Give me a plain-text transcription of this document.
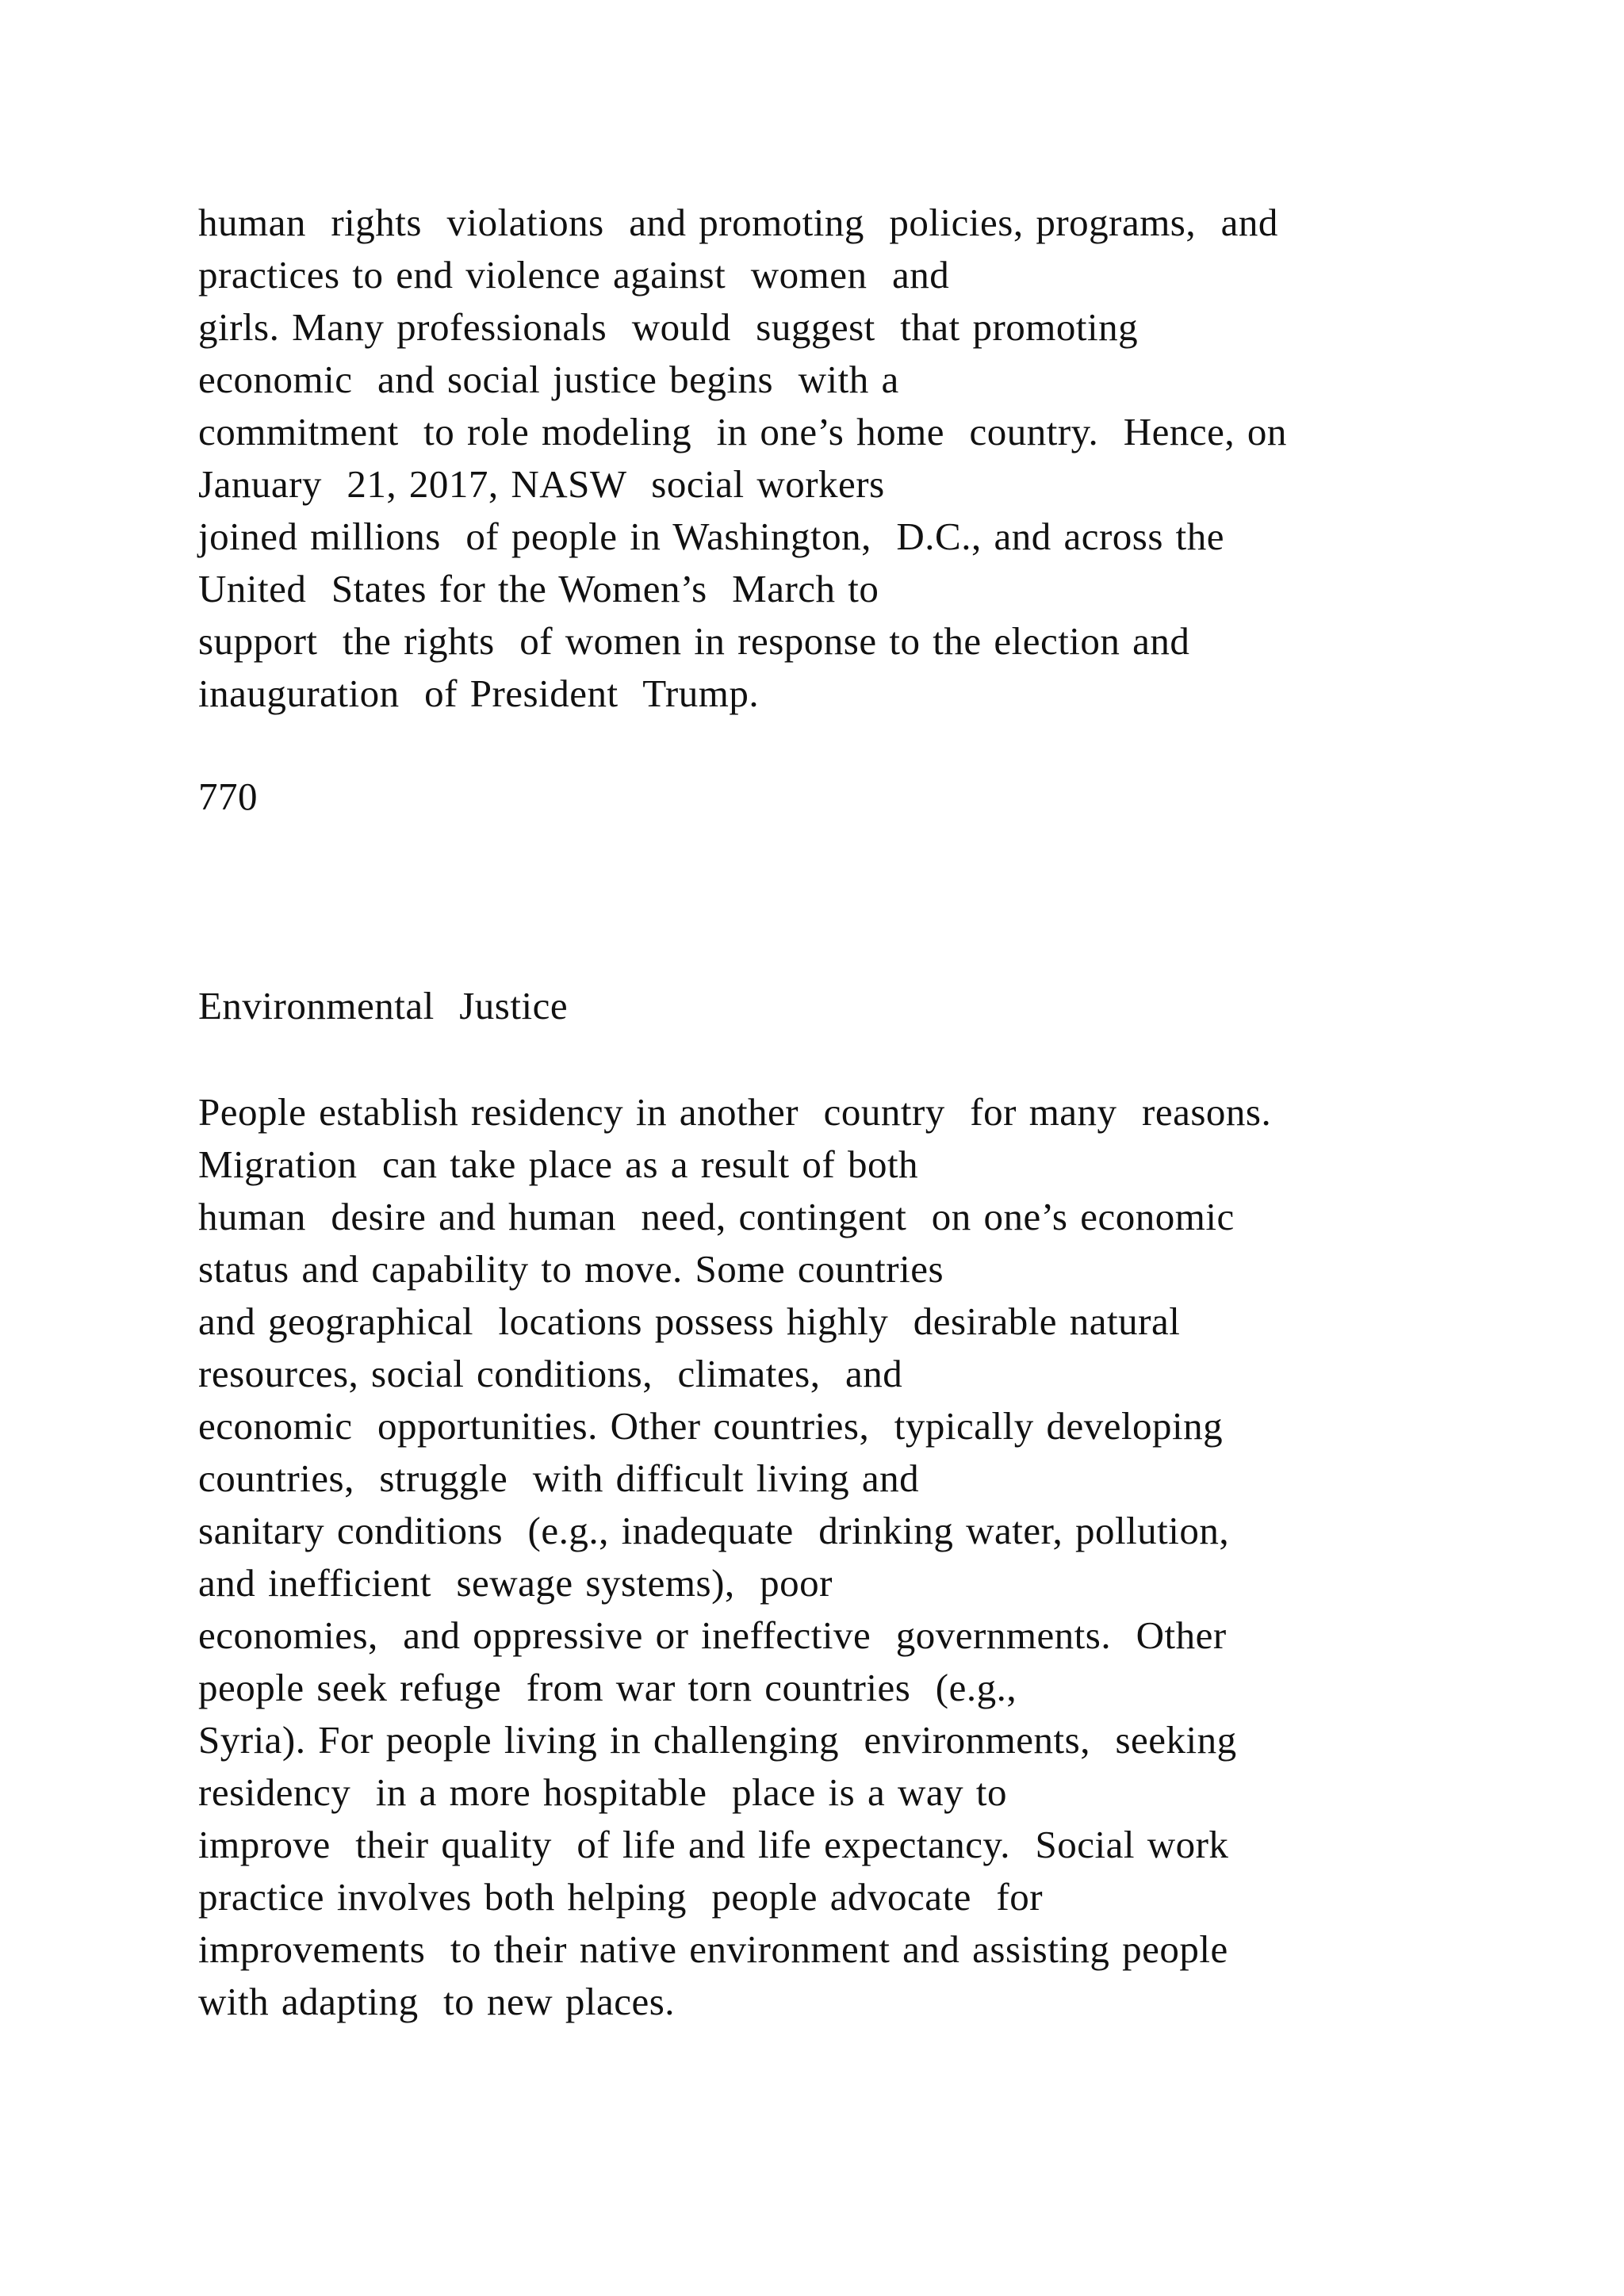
human  rights  violations  and promoting  policies, programs,  and
practices to end violence against  women  and
girls. Many professionals  would  suggest  that promoting
economic  and social justice begins  with a
commitment  to role modeling  in one’s home  country.  Hence, on
January  21, 2017, NASW  social workers
joined millions  of people in Washington,  D.C., and across the
United  States for the Women’s  March to
support  the rights  of women in response to the election and
inauguration  of President  Trump.
770
Environmental  Justice
People establish residency in another  country  for many  reasons.
Migration  can take place as a result of both
human  desire and human  need, contingent  on one’s economic
status and capability to move. Some countries
and geographical  locations possess highly  desirable natural
resources, social conditions,  climates,  and
economic  opportunities. Other countries,  typically developing
countries,  struggle  with difficult living and
sanitary conditions  (e.g., inadequate  drinking water, pollution,
and inefficient  sewage systems),  poor
economies,  and oppressive or ineffective  governments.  Other
people seek refuge  from war torn countries  (e.g.,
Syria). For people living in challenging  environments,  seeking
residency  in a more hospitable  place is a way to
improve  their quality  of life and life expectancy.  Social work
practice involves both helping  people advocate  for
improvements  to their native environment and assisting people
with adapting  to new places.
